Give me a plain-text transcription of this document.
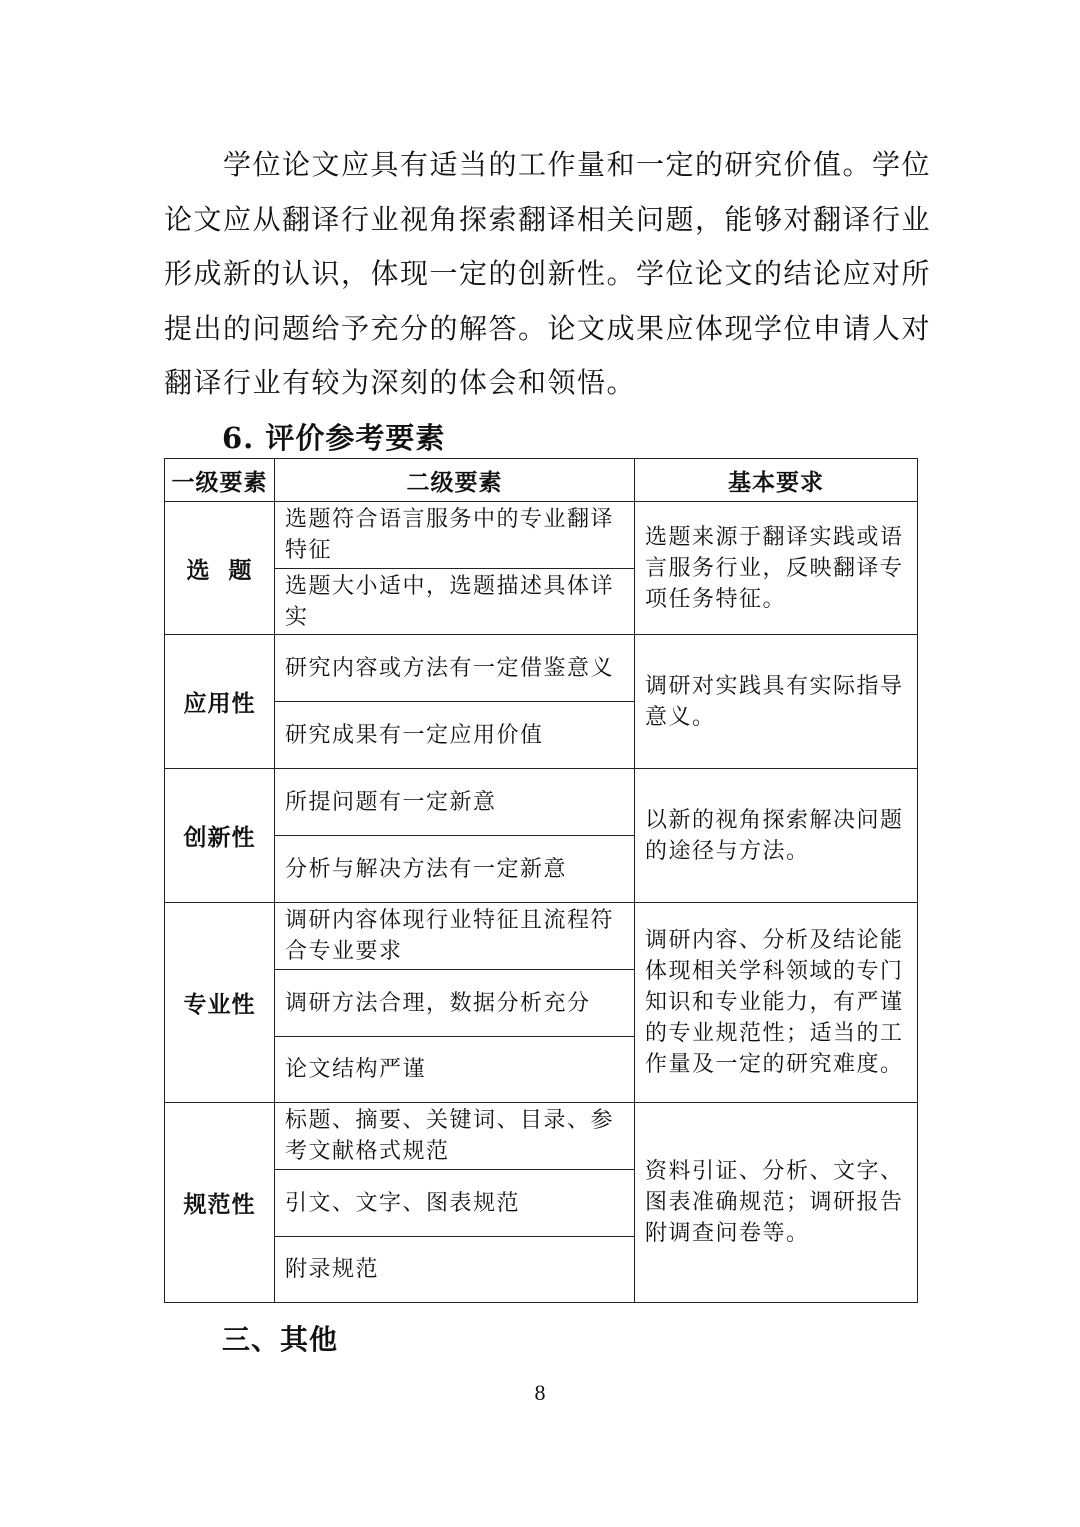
　　学位论文应具有适当的工作量和一定的研究价值。学位
论文应从翻译行业视角探索翻译相关问题，能够对翻译行业
形成新的认识，体现一定的创新性。学位论文的结论应对所
提出的问题给予充分的解答。论文成果应体现学位申请人对
翻译行业有较为深刻的体会和领悟。
6. 评价参考要素
一级要素	二级要素	基本要求
选  题	选题符合语言服务中的专业翻译特征	选题来源于翻译实践或语言服务行业，反映翻译专项任务特征。
	选题大小适中，选题描述具体详实	
应用性	研究内容或方法有一定借鉴意义	调研对实践具有实际指导意义。
	研究成果有一定应用价值	
创新性	所提问题有一定新意	以新的视角探索解决问题的途径与方法。
	分析与解决方法有一定新意	
专业性	调研内容体现行业特征且流程符合专业要求	调研内容、分析及结论能体现相关学科领域的专门知识和专业能力，有严谨的专业规范性；适当的工作量及一定的研究难度。
	调研方法合理，数据分析充分	
	论文结构严谨	
规范性	标题、摘要、关键词、目录、参考文献格式规范	资料引证、分析、文字、图表准确规范；调研报告附调查问卷等。
	引文、文字、图表规范	
	附录规范	
三、其他
8
